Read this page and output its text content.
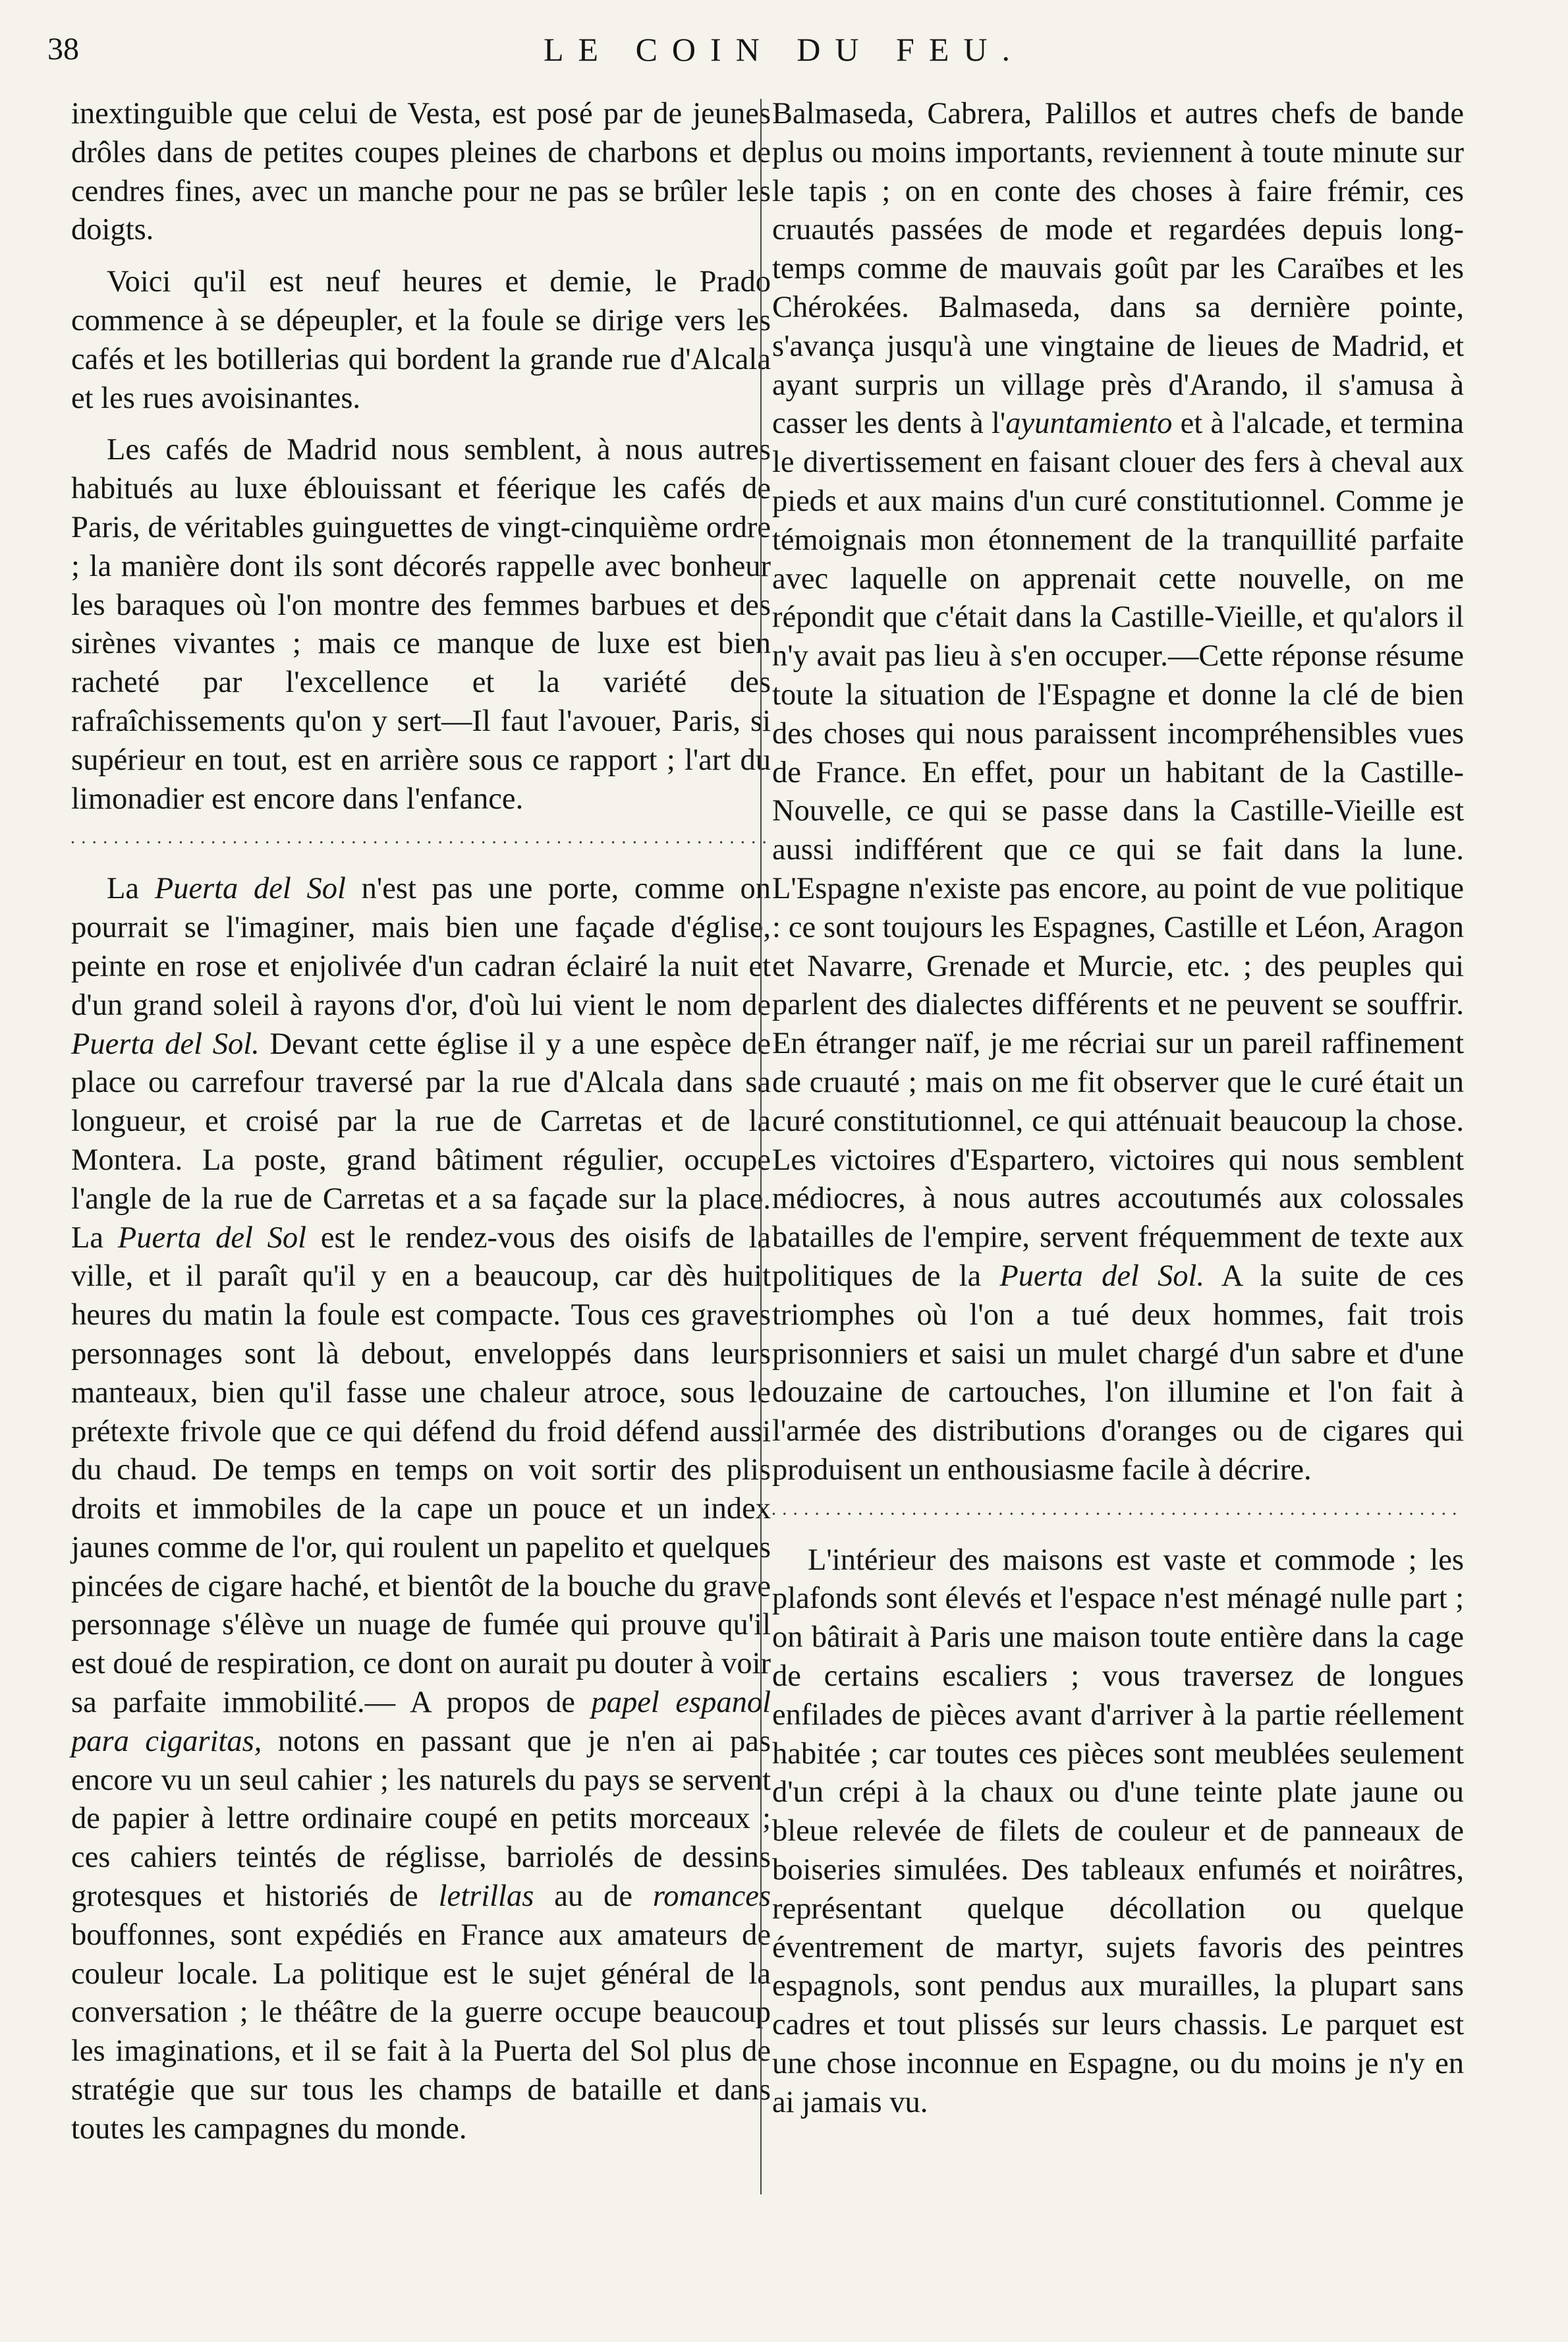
38	LE COIN DU FEU.

inextinguible que celui de Vesta, est posé par de jeunes drôles dans de petites coupes pleines de charbons et de cendres fines, avec un manche pour ne pas se brûler les doigts.

Voici qu'il est neuf heures et demie, le Prado commence à se dépeupler, et la foule se dirige vers les cafés et les botillerias qui bordent la grande rue d'Alcala et les rues avoisinantes.

Les cafés de Madrid nous semblent, à nous autres habitués au luxe éblouissant et féerique les cafés de Paris, de véritables guinguettes de vingt-cinquième ordre ; la manière dont ils sont décorés rappelle avec bonheur les baraques où l'on montre des femmes barbues et des sirènes vivantes ; mais ce manque de luxe est bien racheté par l'excellence et la variété des rafraîchissements qu'on y sert—Il faut l'avouer, Paris, si supérieur en tout, est en arrière sous ce rapport ; l'art du limonadier est encore dans l'enfance.

• • •

La Puerta del Sol n'est pas une porte, comme on pourrait se l'imaginer, mais bien une façade d'église, peinte en rose et enjolivée d'un cadran éclairé la nuit et d'un grand soleil à rayons d'or, d'où lui vient le nom de Puerta del Sol. Devant cette église il y a une espèce de place ou carrefour traversé par la rue d'Alcala dans sa longueur, et croisé par la rue de Carretas et de la Montera. La poste, grand bâtiment régulier, occupe l'angle de la rue de Carretas et a sa façade sur la place. La Puerta del Sol est le rendez-vous des oisifs de la ville, et il paraît qu'il y en a beaucoup, car dès huit heures du matin la foule est compacte. Tous ces graves personnages sont là debout, enveloppés dans leurs manteaux, bien qu'il fasse une chaleur atroce, sous le prétexte frivole que ce qui défend du froid défend aussi du chaud. De temps en temps on voit sortir des plis droits et immobiles de la cape un pouce et un index jaunes comme de l'or, qui roulent un papelito et quelques pincées de cigare haché, et bientôt de la bouche du grave personnage s'élève un nuage de fumée qui prouve qu'il est doué de respiration, ce dont on aurait pu douter à voir sa parfaite immobilité.— A propos de papel espanol para cigaritas, notons en passant que je n'en ai pas encore vu un seul cahier ; les naturels du pays se servent de papier à lettre ordinaire coupé en petits morceaux ; ces cahiers teintés de réglisse, barriolés de dessins grotesques et historiés de letrillas au de romances bouffonnes, sont expédiés en France aux amateurs de couleur locale. La politique est le sujet général de la conversation ; le théâtre de la guerre occupe beaucoup les imaginations, et il se fait à la Puerta del Sol plus de stratégie que sur tous les champs de bataille et dans toutes les campagnes du monde.

Balmaseda, Cabrera, Palillos et autres chefs de bande plus ou moins importants, reviennent à toute minute sur le tapis ; on en conte des choses à faire frémir, ces cruautés passées de mode et regardées depuis long-temps comme de mauvais goût par les Caraïbes et les Chérokées. Balmaseda, dans sa dernière pointe, s'avança jusqu'à une vingtaine de lieues de Madrid, et ayant surpris un village près d'Arando, il s'amusa à casser les dents à l'ayuntamiento et à l'alcade, et termina le divertissement en faisant clouer des fers à cheval aux pieds et aux mains d'un curé constitutionnel. Comme je témoignais mon étonnement de la tranquillité parfaite avec laquelle on apprenait cette nouvelle, on me répondit que c'était dans la Castille-Vieille, et qu'alors il n'y avait pas lieu à s'en occuper.—Cette réponse résume toute la situation de l'Espagne et donne la clé de bien des choses qui nous paraissent incompréhensibles vues de France. En effet, pour un habitant de la Castille-Nouvelle, ce qui se passe dans la Castille-Vieille est aussi indifférent que ce qui se fait dans la lune. L'Espagne n'existe pas encore, au point de vue politique : ce sont toujours les Espagnes, Castille et Léon, Aragon et Navarre, Grenade et Murcie, etc. ; des peuples qui parlent des dialectes différents et ne peuvent se souffrir. En étranger naïf, je me récriai sur un pareil raffinement de cruauté ; mais on me fit observer que le curé était un curé constitutionnel, ce qui atténuait beaucoup la chose. Les victoires d'Espartero, victoires qui nous semblent médiocres, à nous autres accoutumés aux colossales batailles de l'empire, servent fréquemment de texte aux politiques de la Puerta del Sol. A la suite de ces triomphes où l'on a tué deux hommes, fait trois prisonniers et saisi un mulet chargé d'un sabre et d'une douzaine de cartouches, l'on illumine et l'on fait à l'armée des distributions d'oranges ou de cigares qui produisent un enthousiasme facile à décrire.

• • •

L'intérieur des maisons est vaste et commode ; les plafonds sont élevés et l'espace n'est ménagé nulle part ; on bâtirait à Paris une maison toute entière dans la cage de certains escaliers ; vous traversez de longues enfilades de pièces avant d'arriver à la partie réellement habitée ; car toutes ces pièces sont meublées seulement d'un crépi à la chaux ou d'une teinte plate jaune ou bleue relevée de filets de couleur et de panneaux de boiseries simulées. Des tableaux enfumés et noirâtres, représentant quelque décollation ou quelque éventrement de martyr, sujets favoris des peintres espagnols, sont pendus aux murailles, la plupart sans cadres et tout plissés sur leurs chassis. Le parquet est une chose inconnue en Espagne, ou du moins je n'y en ai jamais vu.
